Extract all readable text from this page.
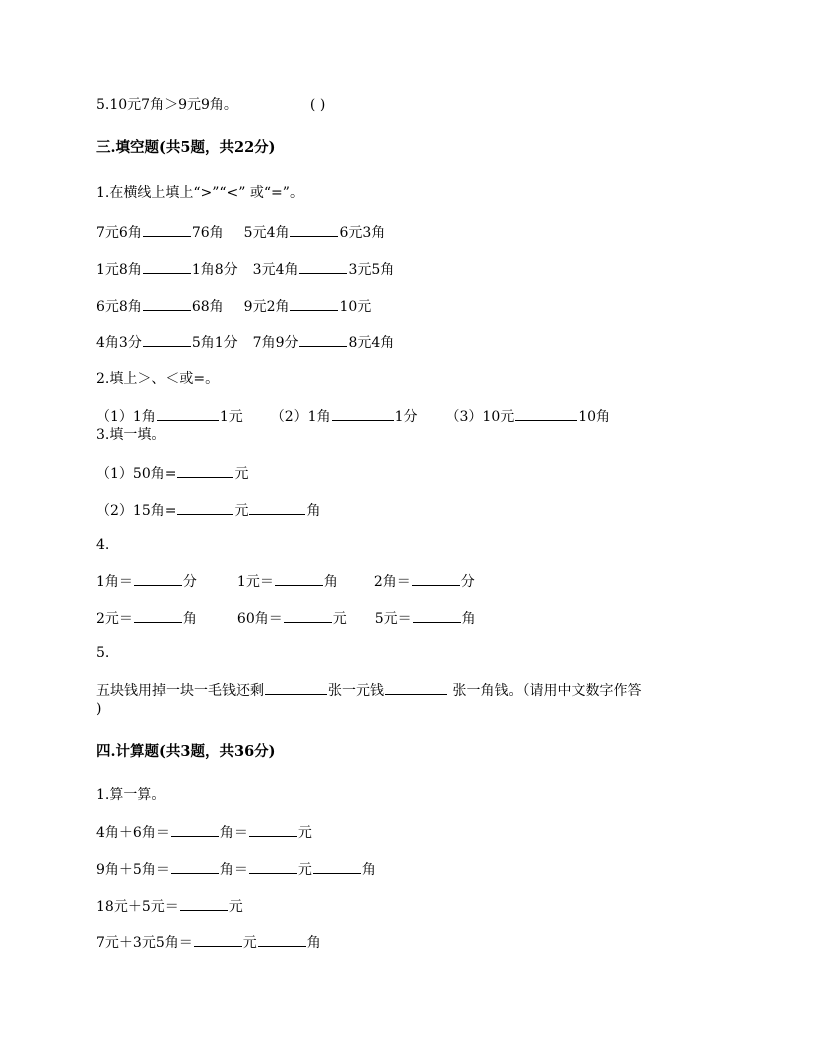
5.10元7角＞9元9角。	( )
三.填空题(共5题，共22分)
1.在横线上填上“>”“<” 或“=”。
7元6角	76角 5元4角	6元3角
1元8角	1角8分 3元4角	3元5角
6元8角	68角 9元2角	10元
4角3分	5角1分 7角9分	8元4角
2.填上＞、＜或=。
（1）1角	1元 （2）1角	1分 （3）10元	10角
3.填一填。
（1）50角=	元
（2）15角=	元	角
4.
1角＝	分	1元＝	角	2角＝	分
2元＝	角	60角＝	元 5元＝	角
5.
五块钱用掉一块一毛钱还剩	张一元钱	张一角钱。（请用中文数字作答
)
四.计算题(共3题，共36分)
1.算一算。
4角＋6角＝	角＝	元
9角＋5角＝	角＝	元	角
18元＋5元＝	元
7元＋3元5角＝	元	角
